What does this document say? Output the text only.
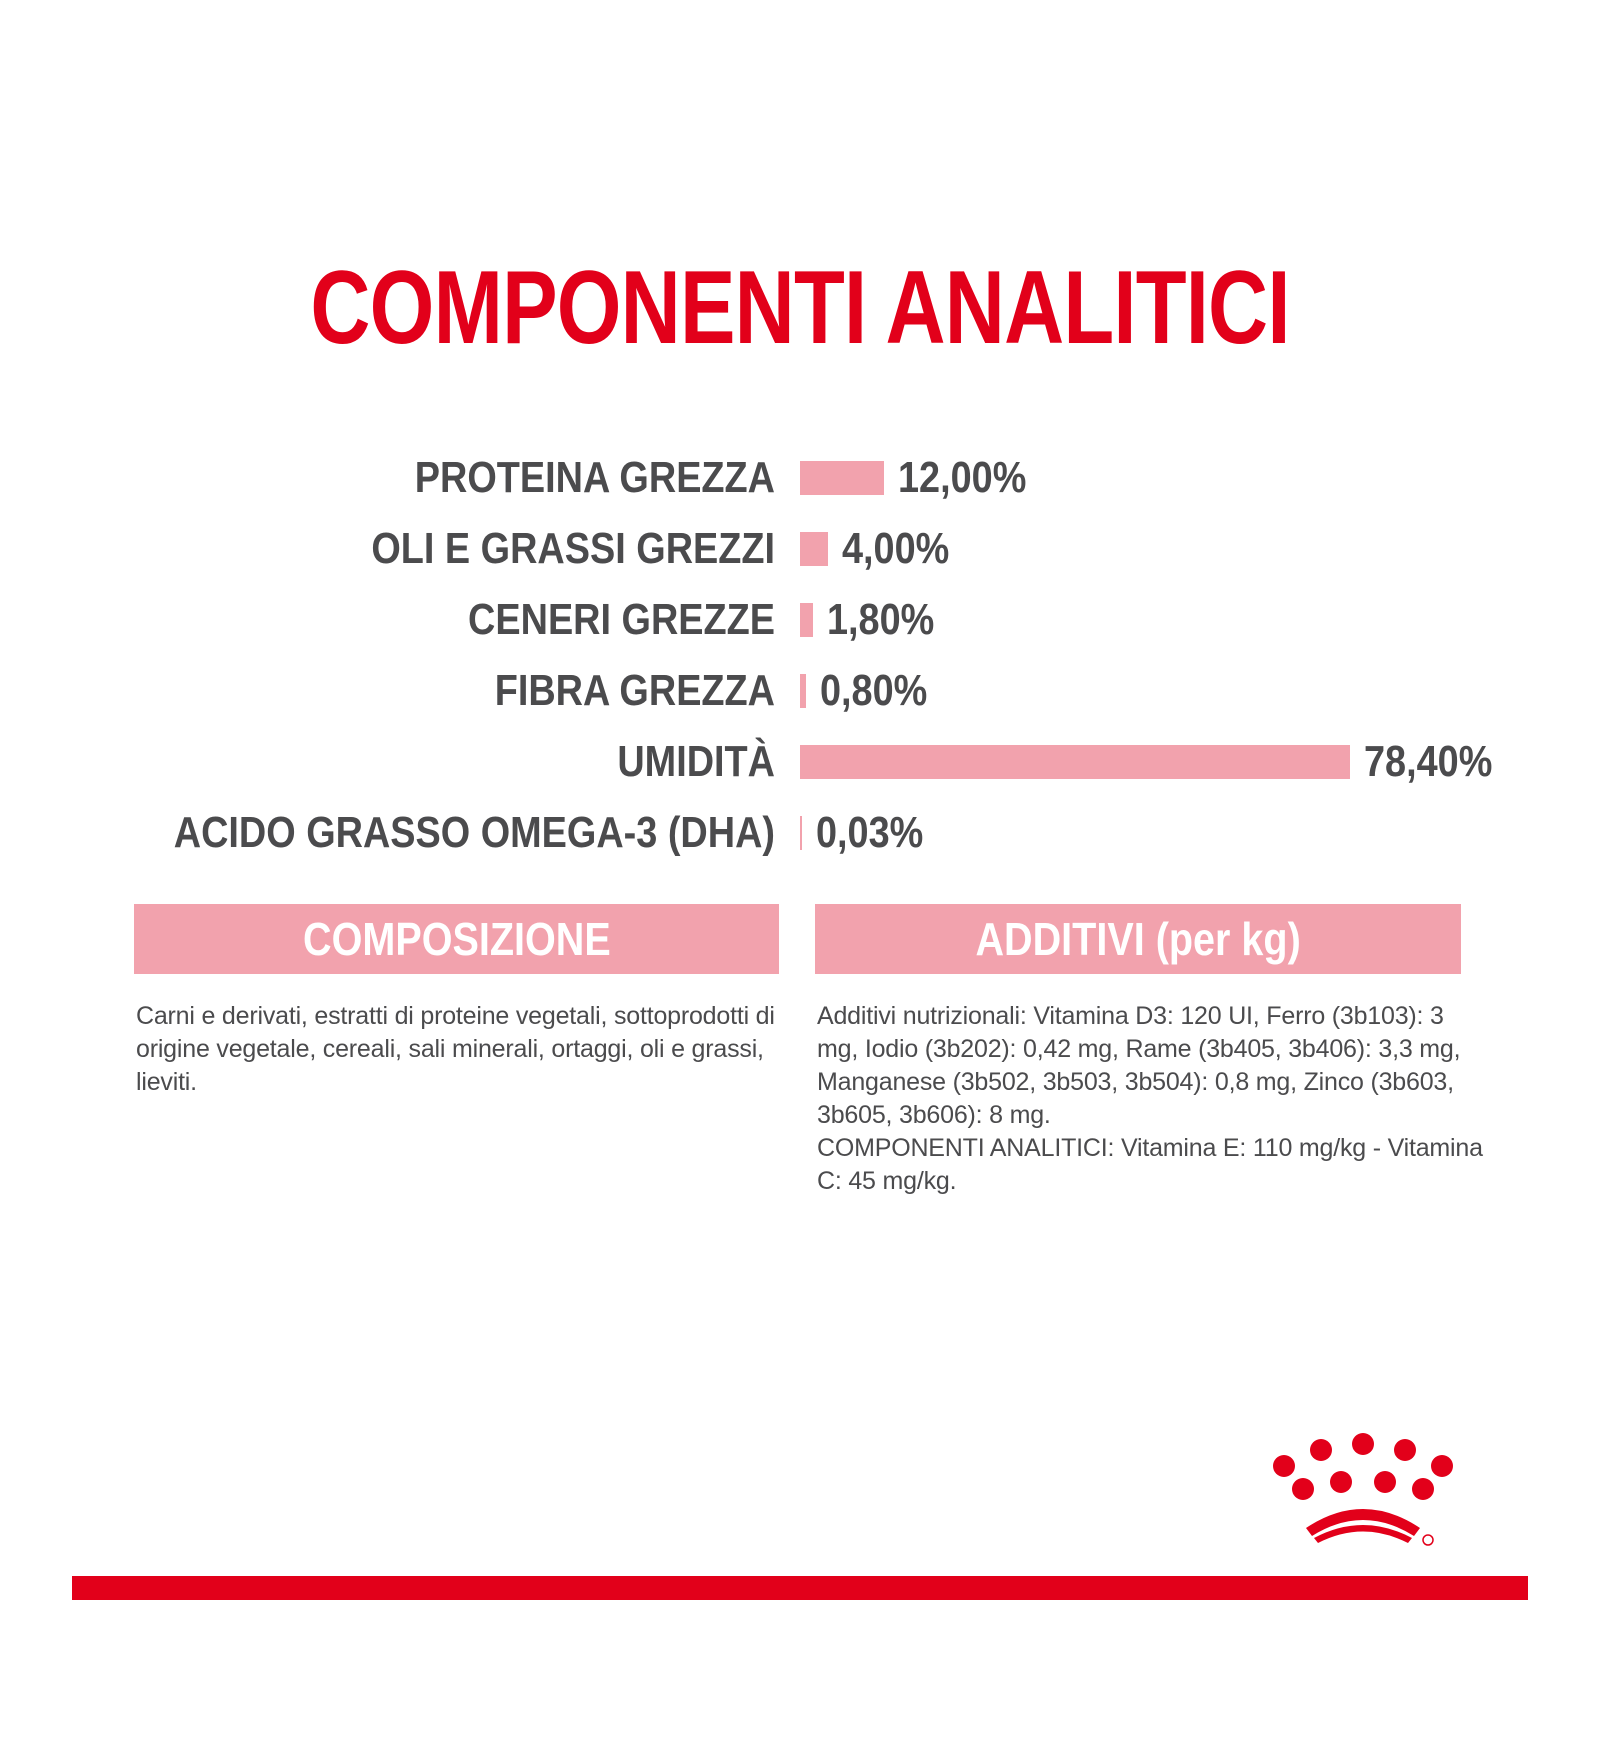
COMPONENTI ANALITICI
PROTEINA GREZZA	12,00%
OLI E GRASSI GREZZI 4,00%
CENERI GREZZE 1,80%
FIBRA GREZZA 0,80%
UMIDITÀ	78,40%
ACIDO GRASSO OMEGA-3 (DHA) 0,03%
COMPOSIZIONE
Carni e derivati, estratti di proteine vegetali, sottoprodotti di
origine vegetale, cereali, sali minerali, ortaggi, oli e grassi,
lieviti.
ADDITIVI (per kg)
Additivi nutrizionali: Vitamina D3: 120 UI, Ferro (3b103): 3
mg, Iodio (3b202): 0,42 mg, Rame (3b405, 3b406): 3,3 mg,
Manganese (3b502, 3b503, 3b504): 0,8 mg, Zinco (3b603,
3b605, 3b606): 8 mg.
COMPONENTI ANALITICI: Vitamina E: 110 mg/kg - Vitamina
C: 45 mg/kg.
